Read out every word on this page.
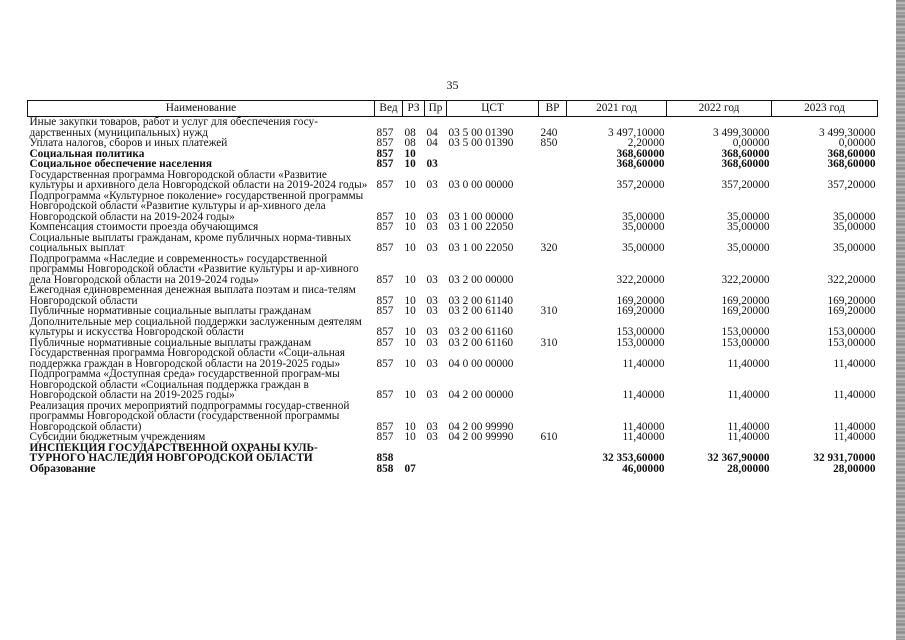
35
Наименование	Вед	РЗ	Пр	ЦСТ	ВР	2021 год	2022 год	2023 год
Иные закупки товаров, работ и услуг для обеспечения госу-дарственных (муниципальных) нужд	857	08	04	03 5 00 01390	240	3 497,10000	3 499,30000	3 499,30000
Уплата налогов, сборов и иных платежей	857	08	04	03 5 00 01390	850	2,20000	0,00000	0,00000
Социальная политика	857	10				368,60000	368,60000	368,60000
Социальное обеспечение населения	857	10	03			368,60000	368,60000	368,60000
Государственная программа Новгородской области «Развитие культуры и архивного дела Новгородской области на 2019-2024 годы»	857	10	03	03 0 00 00000		357,20000	357,20000	357,20000
Подпрограмма «Культурное поколение» государственной программы Новгородской области «Развитие культуры и ар-хивного дела Новгородской области на 2019-2024 годы»	857	10	03	03 1 00 00000		35,00000	35,00000	35,00000
Компенсация стоимости проезда обучающимся	857	10	03	03 1 00 22050		35,00000	35,00000	35,00000
Социальные выплаты гражданам, кроме публичных норма-тивных социальных выплат	857	10	03	03 1 00 22050	320	35,00000	35,00000	35,00000
Подпрограмма «Наследие и современность» государственной программы Новгородской области «Развитие культуры и ар-хивного дела Новгородской области на 2019-2024 годы»	857	10	03	03 2 00 00000		322,20000	322,20000	322,20000
Ежегодная единовременная денежная выплата поэтам и писа-телям Новгородской области	857	10	03	03 2 00 61140		169,20000	169,20000	169,20000
Публичные нормативные социальные выплаты гражданам	857	10	03	03 2 00 61140	310	169,20000	169,20000	169,20000
Дополнительные мер социальной поддержки заслуженным деятелям культуры и искусства Новгородской области	857	10	03	03 2 00 61160		153,00000	153,00000	153,00000
Публичные нормативные социальные выплаты гражданам	857	10	03	03 2 00 61160	310	153,00000	153,00000	153,00000
Государственная программа Новгородской области «Соци-альная поддержка граждан в Новгородской области на 2019-2025 годы»	857	10	03	04 0 00 00000		11,40000	11,40000	11,40000
Подпрограмма «Доступная среда» государственной програм-мы Новгородской области «Социальная поддержка граждан в Новгородской области на 2019-2025 годы»	857	10	03	04 2 00 00000		11,40000	11,40000	11,40000
Реализация прочих мероприятий подпрограммы государ-ственной программы Новгородской области (государственной программы Новгородской области)	857	10	03	04 2 00 99990		11,40000	11,40000	11,40000
Субсидии бюджетным учреждениям	857	10	03	04 2 00 99990	610	11,40000	11,40000	11,40000
ИНСПЕКЦИЯ ГОСУДАРСТВЕННОЙ ОХРАНЫ КУЛЬ-ТУРНОГО НАСЛЕДИЯ НОВГОРОДСКОЙ ОБЛАСТИ	858					32 353,60000	32 367,90000	32 931,70000
Образование	858	07				46,00000	28,00000	28,00000
